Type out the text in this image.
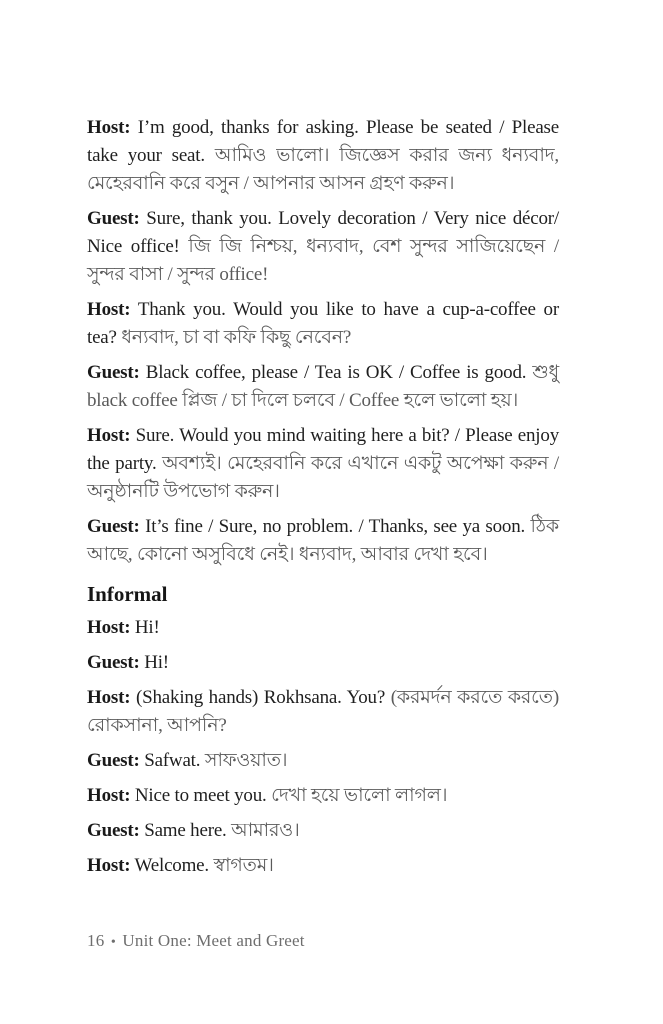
Host: I’m good, thanks for asking. Please be seated / Please take your seat. আমিও ভালো। জিজ্ঞেস করার জন্য ধন্যবাদ, মেহেরবানি করে বসুন / আপনার আসন গ্রহণ করুন।

Guest: Sure, thank you. Lovely decoration / Very nice décor/ Nice office! জি জি নিশ্চয়, ধন্যবাদ, বেশ সুন্দর সাজিয়েছেন / সুন্দর বাসা / সুন্দর office!

Host: Thank you. Would you like to have a cup-a-coffee or tea? ধন্যবাদ, চা বা কফি কিছু নেবেন?

Guest: Black coffee, please / Tea is OK / Coffee is good. শুধু black coffee প্লিজ / চা দিলে চলবে / Coffee হলে ভালো হয়।

Host: Sure. Would you mind waiting here a bit? / Please enjoy the party. অবশ্যই। মেহেরবানি করে এখানে একটু অপেক্ষা করুন / অনুষ্ঠানটি উপভোগ করুন।

Guest: It’s fine / Sure, no problem. / Thanks, see ya soon. ঠিক আছে, কোনো অসুবিধে নেই। ধন্যবাদ, আবার দেখা হবে।

Informal

Host: Hi!

Guest: Hi!

Host: (Shaking hands) Rokhsana. You? (করমর্দন করতে করতে) রোকসানা, আপনি?

Guest: Safwat. সাফওয়াত।

Host: Nice to meet you. দেখা হয়ে ভালো লাগল।

Guest: Same here. আমারও।

Host: Welcome. স্বাগতম।

16 • Unit One: Meet and Greet
